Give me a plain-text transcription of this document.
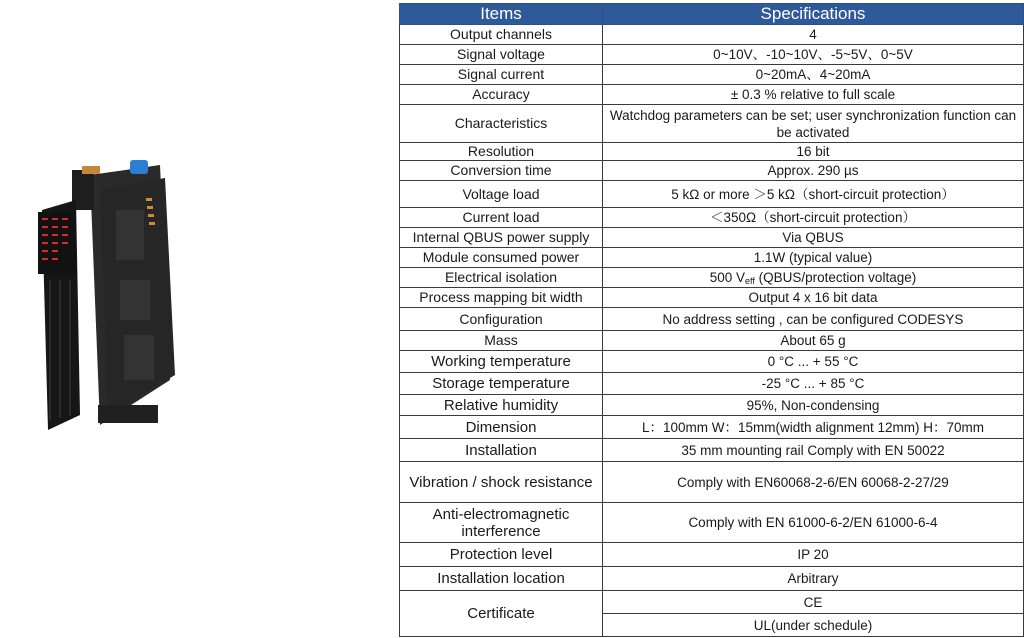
Items	Specifications
Output channels	4
Signal voltage	0~10V、-10~10V、-5~5V、0~5V
Signal current	0~20mA、4~20mA
Accuracy	± 0.3 % relative to full scale
Characteristics	Watchdog parameters can be set; user synchronization function can be activated
Resolution	16 bit
Conversion time	Approx. 290 µs
Voltage load	5 kΩ or more ＞5 kΩ（short-circuit protection）
Current load	＜350Ω（short-circuit protection）
Internal QBUS power supply	Via QBUS
Module consumed power	1.1W (typical value)
Electrical isolation	500 $V_{eff}$ (QBUS/protection voltage)
Process mapping bit width	Output 4 x 16 bit data
Configuration	No address setting , can be configured CODESYS
Mass	About 65 g
Working temperature	0 °C ... + 55 °C
Storage temperature	-25 °C ... + 85 °C
Relative humidity	95%, Non-condensing
Dimension	L：100mm W：15mm(width alignment 12mm) H：70mm
Installation	35 mm mounting rail Comply with EN 50022
Vibration / shock resistance	Comply with EN60068-2-6/EN 60068-2-27/29
Anti-electromagnetic interference	Comply with EN 61000-6-2/EN 61000-6-4
Protection level	IP 20
Installation location	Arbitrary
Certificate	CE
	UL(under schedule)
